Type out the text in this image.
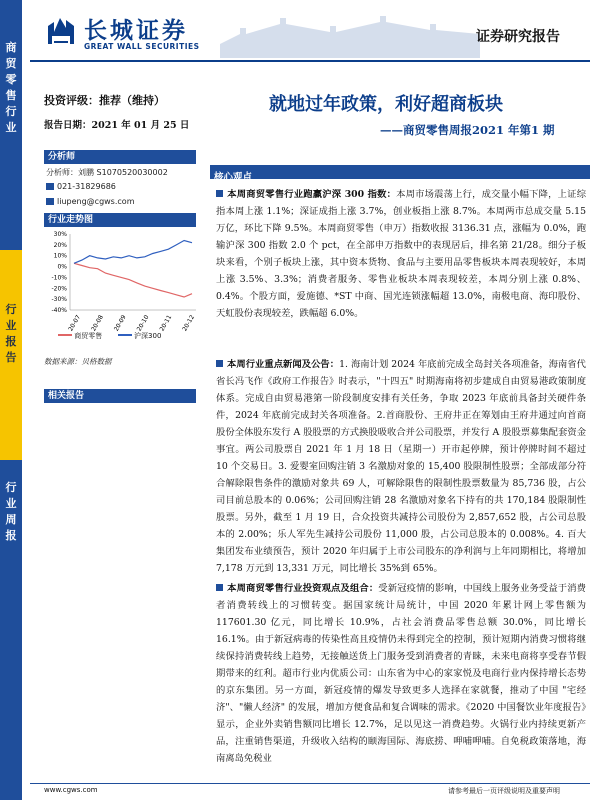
商贸零售行业
行业报告
行业周报
长城证券
GREAT WALL SECURITIES
证券研究报告
投资评级：推荐（维持）
报告日期：2021 年 01 月 25 日
分析师
分析师：刘鹏 S1070520030002
021-31829686
liupeng@cgws.com
行业走势图
30%
20%
10%
0%
-10%
-20%
-30%
-40%
20-07 20-08 20-09 20-10 20-11 20-12
商贸零售	沪深300
数据来源：贝格数据
相关报告
就地过年政策，利好超商板块
——商贸零售周报2021 年第1 期
核心观点
本周商贸零售行业跑赢沪深 300 指数：本周市场震荡上行，成交量小幅下降，上证综指本周上涨 1.1%；深证成指上涨 3.7%，创业板指上涨 8.7%。本周两市总成交量 5.15 万亿，环比下降 9.5%。本周商贸零售（申万）指数收报 3136.31 点，涨幅为 0.0%，跑输沪深 300 指数 2.0 个 pct，在全部申万指数中的表现居后，排名第 21/28。细分子板块来看，个别子板块上涨，其中资本货物、食品与主要用品零售板块本周表现较好，本周上涨 3.5%、3.3%；消费者服务、零售业板块本周表现较差，本周分别上涨 0.8%、0.4%。个股方面，爱施德、*ST 中商、国光连锁涨幅超 13.0%，南极电商、海印股份、天虹股份表现较差，跌幅超 6.0%。
本周行业重点新闻及公告：1. 海南计划 2024 年底前完成全岛封关各项准备，海南省代省长冯飞作《政府工作报告》时表示，"十四五" 时期海南将初步建成自由贸易港政策制度体系。完成自由贸易港第一阶段制度安排有关任务，争取 2023 年底前具备封关硬件条件，2024 年底前完成封关各项准备。2.首商股份、王府井正在筹划由王府井通过向首商股份全体股东发行 A 股股票的方式换股吸收合并公司股票，并发行 A 股股票募集配套资金事宜。两公司股票自 2021 年 1 月 18 日（星期一）开市起停牌，预计停牌时间不超过 10 个交易日。3. 爱婴室回购注销 3 名激励对象的 15,400 股限制性股票；全部成部分符合解除限售条件的激励对象共 69 人，可解除限售的限制性股票数量为 85,736 股，占公司目前总股本的 0.06%；公司回购注销 28 名激励对象名下持有的共 170,184 股限制性股票。另外，截至 1 月 19 日，合众投资共减持公司股份为 2,857,652 股，占公司总股本的 2.00%；乐人军先生减持公司股份 11,000 股，占公司总股本的 0.008%。4. 百大集团发布业绩预告，预计 2020 年归属于上市公司股东的净利润与上年同期相比，将增加 7,178 万元到 13,331 万元，同比增长 35%到 65%。
本周商贸零售行业投资观点及组合：受新冠疫情的影响，中国线上服务业务受益于消费者消费转线上的习惯转变。据国家统计局统计，中国 2020 年累计网上零售额为 117601.30 亿元，同比增长 10.9%，占社会消费品零售总额 30.0%，同比增长 16.1%。由于新冠病毒的传染性高且疫情仍未得到完全的控制，预计短期内消费习惯将继续保持消费转线上趋势，无接触送货上门服务受到消费者的青睐，未来电商将享受春节假期带来的红利。超市行业内优质公司：山东省为中心的家家悦及电商行业内保持增长态势的京东集团。另一方面，新冠疫情的爆发导致更多人选择在家就餐，推动了中国 "宅经济"、"懒人经济" 的发展，增加方便食品和复合调味的需求。《2020 中国餐饮业年度报告》显示，企业外卖销售额同比增长 12.7%，足以见这一消费趋势。火锅行业内持续更新产品，注重销售渠道，升级收入结构的颐海国际、海底捞、呷哺呷哺。自免税政策落地，海南离岛免税业
www.cgws.com	请参考最后一页评级说明及重要声明
